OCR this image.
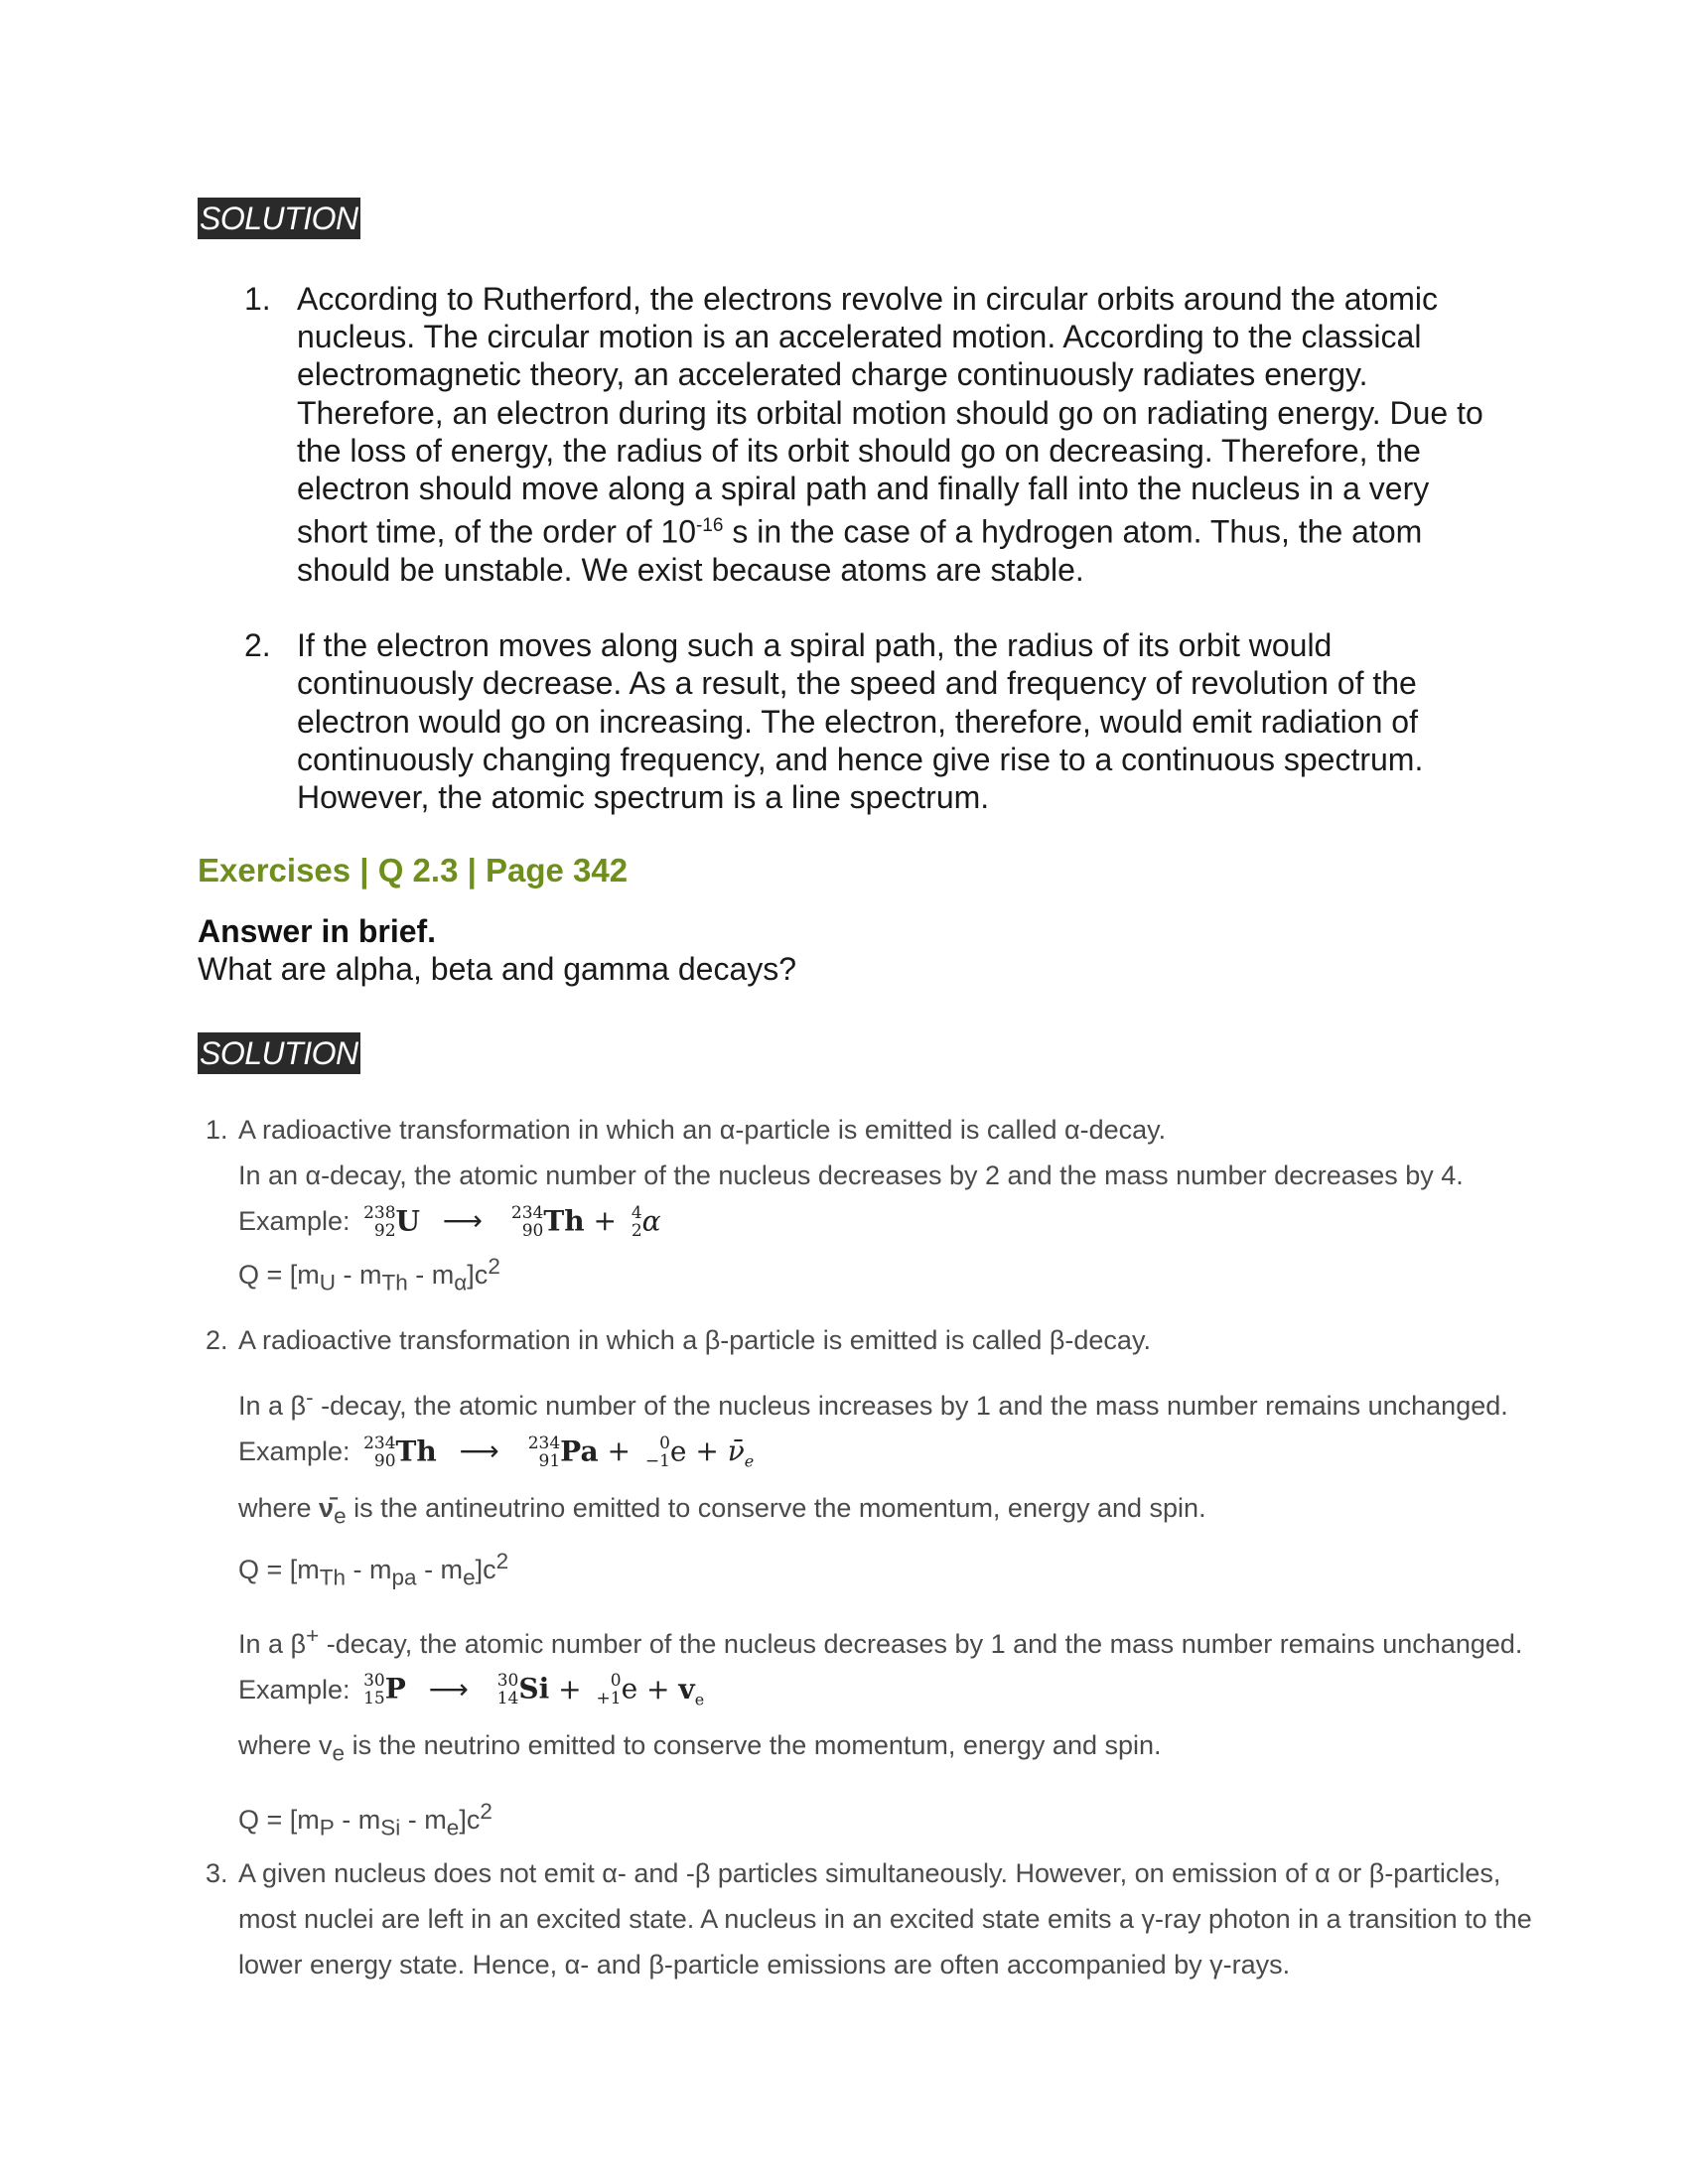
SOLUTION
1. According to Rutherford, the electrons revolve in circular orbits around the atomic nucleus. The circular motion is an accelerated motion. According to the classical electromagnetic theory, an accelerated charge continuously radiates energy. Therefore, an electron during its orbital motion should go on radiating energy. Due to the loss of energy, the radius of its orbit should go on decreasing. Therefore, the electron should move along a spiral path and finally fall into the nucleus in a very short time, of the order of $10^{-16}$ s in the case of a hydrogen atom. Thus, the atom should be unstable. We exist because atoms are stable.
2. If the electron moves along such a spiral path, the radius of its orbit would continuously decrease. As a result, the speed and frequency of revolution of the electron would go on increasing. The electron, therefore, would emit radiation of continuously changing frequency, and hence give rise to a continuous spectrum. However, the atomic spectrum is a line spectrum.
Exercises | Q 2.3 | Page 342
Answer in brief.
What are alpha, beta and gamma decays?
SOLUTION
1. A radioactive transformation in which an α-particle is emitted is called α-decay.
In an α-decay, the atomic number of the nucleus decreases by 2 and the mass number decreases by 4.
Example: 238
92 U ⟶ 234
90 Th + 4
2 α
$Q = [m_U - m_{Th} - m_\alpha]c^2$
2. A radioactive transformation in which a β-particle is emitted is called β-decay.
In a β- -decay, the atomic number of the nucleus increases by 1 and the mass number remains unchanged.
Example: 234
90 Th ⟶ 234
91 Pa +	0
−1 $e + \nū_e$
where $\nū_e$ is the antineutrino emitted to conserve the momentum, energy and spin.
$Q = [m_{Th} - m_{pa} - m_e]c^2$
In a β+ -decay, the atomic number of the nucleus decreases by 1 and the mass number remains unchanged.
Example: 30
15 P ⟶ 30
14 Si +	0
+1 $e + v_e$
where $v_e$ is the neutrino emitted to conserve the momentum, energy and spin.
$Q = [m_P - m_{Si} - m_e]c^2$
3. A given nucleus does not emit α- and -β particles simultaneously. However, on emission of α or β-particles,
most nuclei are left in an excited state. A nucleus in an excited state emits a γ-ray photon in a transition to the
lower energy state. Hence, α- and β-particle emissions are often accompanied by γ-rays.
